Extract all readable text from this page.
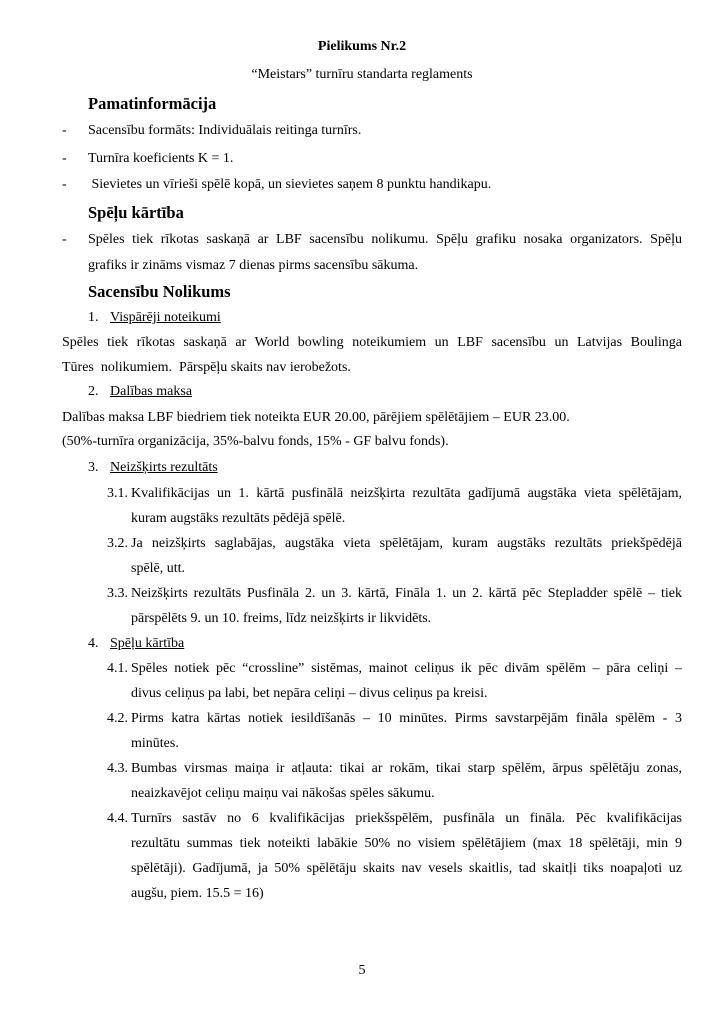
Pielikums Nr.2
“Meistars” turnīru standarta reglaments
Pamatinformācija
- Sacensību formāts: Individuālais reitinga turnīrs.
- Turnīra koeficients K = 1.
- Sievietes un vīrieši spēlē kopā, un sievietes saņem 8 punktu handikapu.
Spēļu kārtība
- Spēles tiek rīkotas saskaņā ar LBF sacensību nolikumu. Spēļu grafiku nosaka organizators. Spēļu
grafiks ir zināms vismaz 7 dienas pirms sacensību sākuma.
Sacensību Nolikums
1. Vispārēji noteikumi
Spēles tiek rīkotas saskaņā ar World bowling noteikumiem un LBF sacensību un Latvijas Boulinga
Tūres  nolikumiem.  Pārspēļu skaits nav ierobežots.
2. Dalības maksa
Dalības maksa LBF biedriem tiek noteikta EUR 20.00, pārējiem spēlētājiem – EUR 23.00.
(50%-turnīra organizācija, 35%-balvu fonds, 15% - GF balvu fonds).
3. Neizšķirts rezultāts
3.1. Kvalifikācijas un 1. kārtā pusfinālā neizšķirta rezultāta gadījumā augstāka vieta spēlētājam,
kuram augstāks rezultāts pēdējā spēlē.
3.2. Ja neizšķirts saglabājas, augstāka vieta spēlētājam, kuram augstāks rezultāts priekšpēdējā
spēlē, utt.
3.3. Neizšķirts rezultāts Pusfināla 2. un 3. kārtā, Fināla 1. un 2. kārtā pēc Stepladder spēlē – tiek
pārspēlēts 9. un 10. freims, līdz neizšķirts ir likvidēts.
4. Spēļu kārtība
4.1. Spēles notiek pēc “crossline” sistēmas, mainot celiņus ik pēc divām spēlēm – pāra celiņi –
divus celiņus pa labi, bet nepāra celiņi – divus celiņus pa kreisi.
4.2. Pirms katra kārtas notiek iesildīšanās – 10 minūtes. Pirms savstarpējām fināla spēlēm - 3
minūtes.
4.3. Bumbas virsmas maiņa ir atļauta: tikai ar rokām, tikai starp spēlēm, ārpus spēlētāju zonas,
neaizkavējot celiņu maiņu vai nākošas spēles sākumu.
4.4. Turnīrs sastāv no 6 kvalifikācijas priekšspēlēm, pusfināla un fināla. Pēc kvalifikācijas
rezultātu summas tiek noteikti labākie 50% no visiem spēlētājiem (max 18 spēlētāji, min 9
spēlētāji). Gadījumā, ja 50% spēlētāju skaits nav vesels skaitlis, tad skaitļi tiks noapaļoti uz
augšu, piem. 15.5 = 16)
5
